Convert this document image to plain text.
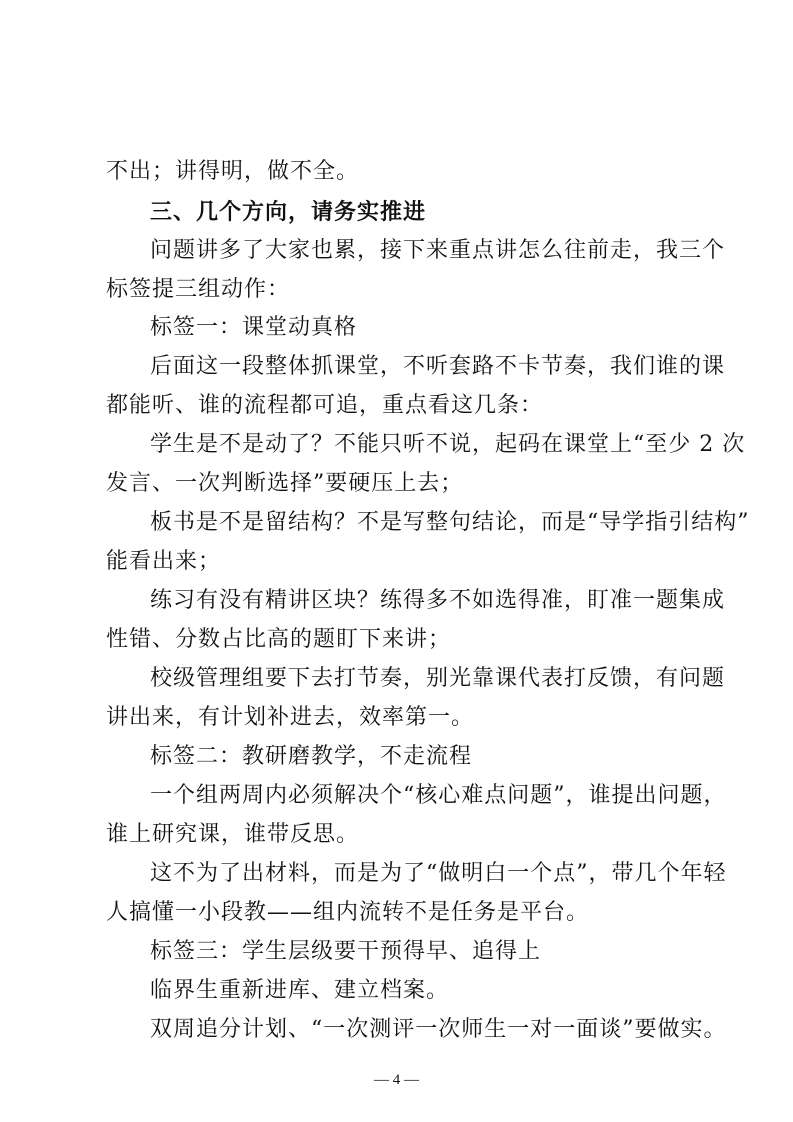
不出；讲得明，做不全。
三、几个方向，请务实推进
问题讲多了大家也累，接下来重点讲怎么往前走，我三个
标签提三组动作：
标签一：课堂动真格
后面这一段整体抓课堂，不听套路不卡节奏，我们谁的课
都能听、谁的流程都可追，重点看这几条：
学生是不是动了？不能只听不说，起码在课堂上“至少 2 次
发言、一次判断选择”要硬压上去；
板书是不是留结构？不是写整句结论，而是“导学指引结构”
能看出来；
练习有没有精讲区块？练得多不如选得准，盯准一题集成
性错、分数占比高的题盯下来讲；
校级管理组要下去打节奏，别光靠课代表打反馈，有问题
讲出来，有计划补进去，效率第一。
标签二：教研磨教学，不走流程
一个组两周内必须解决个“核心难点问题”，谁提出问题，
谁上研究课，谁带反思。
这不为了出材料，而是为了“做明白一个点”，带几个年轻
人搞懂一小段教——组内流转不是任务是平台。
标签三：学生层级要干预得早、追得上
临界生重新进库、建立档案。
双周追分计划、“一次测评一次师生一对一面谈”要做实。
— 4 —
